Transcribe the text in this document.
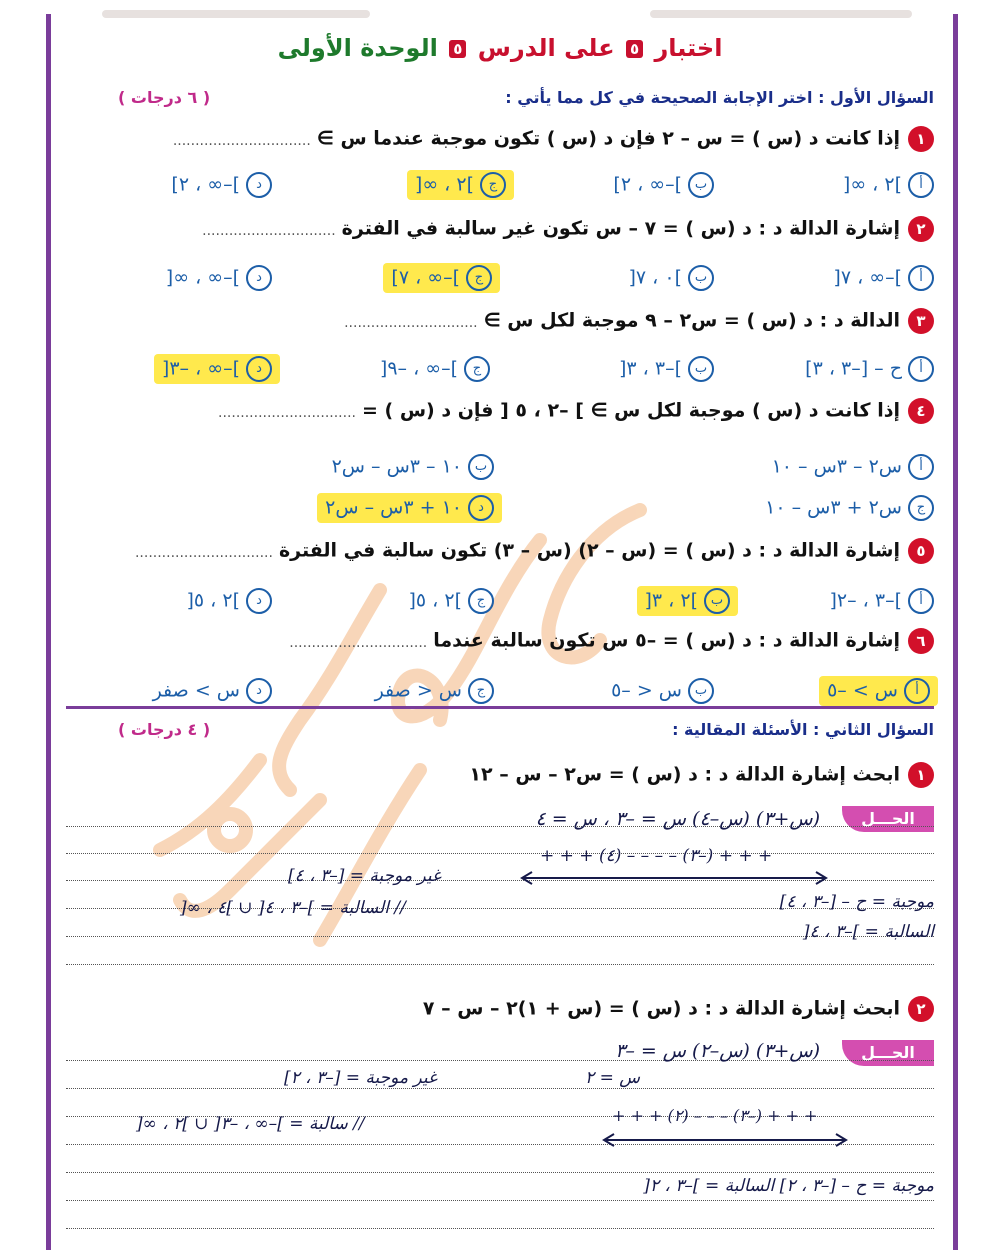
اختبار ٥ على الدرس ٥ الوحدة الأولى
السؤال الأول : اختر الإجابة الصحيحة في كل مما يأتي :
( ٦ درجات )
١إذا كانت د (س ) = س – ٢ فإن د (س ) تكون موجبة عندما س ∋...............................
أ]٢ ، ∞[
ب]–∞ ، ٢]
ج]٢ ، ∞[
د]–∞ ، ٢]
٢إشارة الدالة د : د (س ) = ٧ – س تكون غير سالبة في الفترة..............................
أ]–∞ ، ٧[
ب]٠ ، ٧[
ج]–∞ ، ٧]
د]–∞ ، ∞[
٣الدالة د : د (س ) = س٢ – ٩ موجبة لكل س ∋..............................
أح – [–٣ ، ٣]
ب]–٣ ، ٣[
ج]–∞ ، –٩[
د]–∞ ، –٣[
٤إذا كانت د (س ) موجبة لكل س ∋ ] –٢ ، ٥ [ فإن د (س ) =...............................
أس٢ – ٣س – ١٠
ب١٠ – ٣س – س٢
جس٢ + ٣س – ١٠
د١٠ + ٣س – س٢
٥إشارة الدالة د : د (س ) = (س – ٢) (س – ٣) تكون سالبة في الفترة...............................
أ]–٣ ، –٢[
ب]٢ ، ٣[
ج]٢ ، ٥[
د]٢ ، ٥[
٦إشارة الدالة د : د (س ) = –٥ س تكون سالبة عندما...............................
أس > –٥
بس < –٥
جس < صفر
دس > صفر
السؤال الثاني : الأسئلة المقالية :
( ٤ درجات )
١ابحث إشارة الدالة د : د (س ) = س٢ – س – ١٢
الحـــل
(س+٣) (س–٤) س = –٣ ، س = ٤
+ + + (–٣) – – – – (٤) + + +
غير موجبة = [–٣ ، ٤]
// السالبة = ]–٣ ، ٤[ ∪ ]٤ ، ∞[	موجبة = ح – [–٣ ، ٤]
السالبة = ]–٣ ، ٤[
٢ابحث إشارة الدالة د : د (س ) = (س + ١)٢ – س – ٧
الحـــل
(س+٣) (س–٢) س = –٣
س = ٢
غير موجبة = [–٣ ، ٢]
// سالبة = ]–∞ ، –٣[ ∪ ]٢ ، ∞[	+ + + (–٣) – – – (٢) + + +
موجبة = ح – [–٣ ، ٢] السالبة = ]–٣ ، ٢[
